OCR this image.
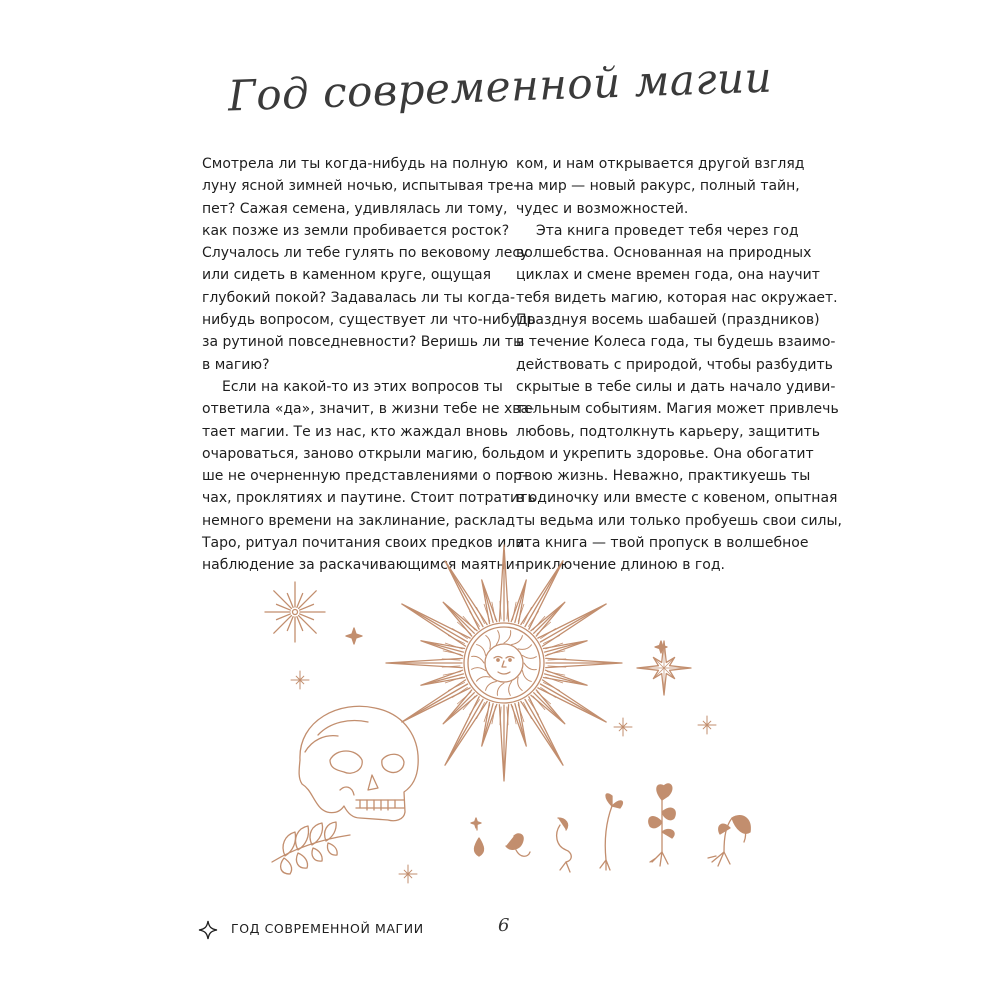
Год современной магии
Смотрела ли ты когда-нибудь на полную
луну ясной зимней ночью, испытывая тре-
пет? Сажая семена, удивлялась ли тому,
как позже из земли пробивается росток?
Случалось ли тебе гулять по вековому лесу
или сидеть в каменном круге, ощущая
глубокий покой? Задавалась ли ты когда-
нибудь вопросом, существует ли что-нибудь
за рутиной повседневности? Веришь ли ты
в магию?
Если на какой-то из этих вопросов ты
ответила «да», значит, в жизни тебе не хва-
тает магии. Те из нас, кто жаждал вновь
очароваться, заново открыли магию, боль-
ше не очерненную представлениями о пор-
чах, проклятиях и паутине. Стоит потратить
немного времени на заклинание, расклад
Таро, ритуал почитания своих предков или
наблюдение за раскачивающимся маятни-
ком, и нам открывается другой взгляд
на мир — новый ракурс, полный тайн,
чудес и возможностей.
Эта книга проведет тебя через год
волшебства. Основанная на природных
циклах и смене времен года, она научит
тебя видеть магию, которая нас окружает.
Празднуя восемь шабашей (праздников)
в течение Колеса года, ты будешь взаимо-
действовать с природой, чтобы разбудить
скрытые в тебе силы и дать начало удиви-
тельным событиям. Магия может привлечь
любовь, подтолкнуть карьеру, защитить
дом и укрепить здоровье. Она обогатит
твою жизнь. Неважно, практикуешь ты
в одиночку или вместе с ковеном, опытная
ты ведьма или только пробуешь свои силы,
эта книга — твой пропуск в волшебное
приключение длиною в год.
ГОД СОВРЕМЕННОЙ МАГИИ	6
